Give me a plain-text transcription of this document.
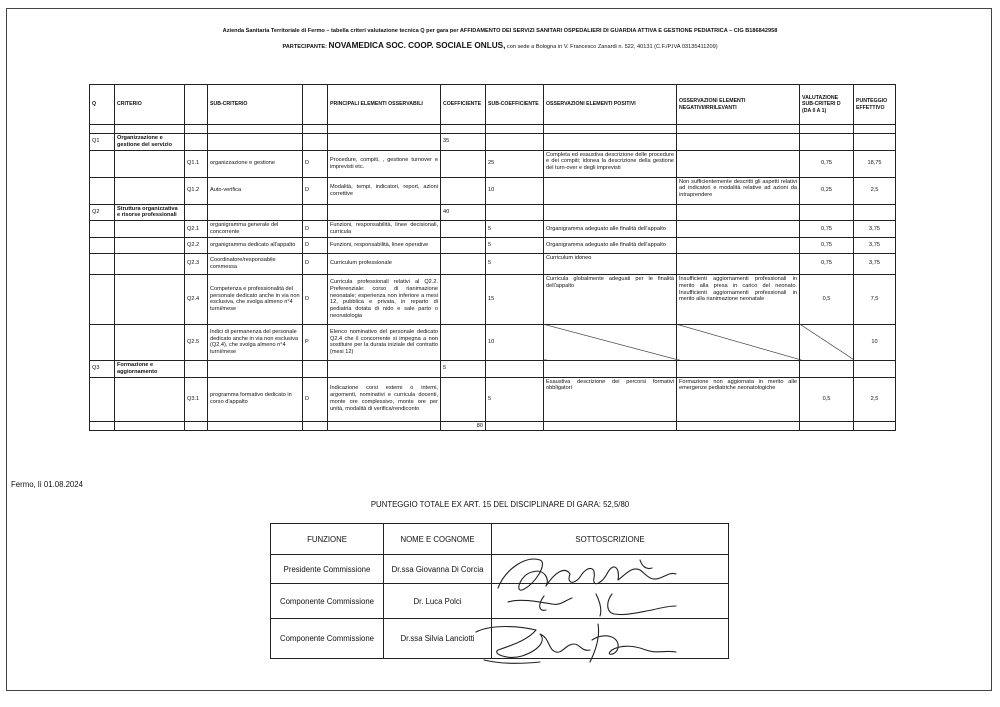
Azienda Sanitaria Territoriale di Fermo – tabella criteri valutazione tecnica Q per gara per AFFIDAMENTO DEI SERVIZI SANITARI OSPEDALIERI DI GUARDIA ATTIVA E GESTIONE PEDIATRICA – CIG B186842958
PARTECIPANTE: NOVAMEDICA SOC. COOP. SOCIALE ONLUS, con sede a Bologna in V. Francesco Zanardi n. 522, 40131 (C.F./P.IVA 03135411209)
Q	CRITERIO		SUB-CRITERIO		PRINCIPALI ELEMENTI OSSERVABILI	COEFFICIENTE	SUB-COEFFICIENTE	OSSERVAZIONI ELEMENTI POSITIVI	OSSERVAZIONI ELEMENTI NEGATIVI/IRRILEVANTI	VALUTAZIONE SUB-CRITERI D (DA 0 A 1)	PUNTEGGIO EFFETTIVO

Q1	Organizzazione e gestione del servizio					35					
		Q1.1	organizzazione e gestione	D	Procedure, compiti, , gestione turnover e imprevisti etc.		25	Completa ed esaustiva descrizione delle procedure e dei compiti; idonea la descrizione della gestione del turn-over e degli imprevisti		0,75	18,75
		Q1.2	Auto-verifica	D	Modalità, tempi, indicatori, report, azioni correttive		10		Non sufficientemente descritti gli aspetti relativi ad indicatori e modalità relative ad azioni da intraprendere	0,25	2,5
Q2	Struttura organizzativa e risorse professionali					40					
		Q2.1	organigramma generale del concorrente	D	Funzioni, responsabilità, linee decisionali, curricula		5	Organigramma adeguato alle finalità dell'appalto		0,75	3,75
		Q2.2	organigramma dedicato all'appalto	D	Funzioni, responsabilità, linee operative		5	Organigramma adeguato alle finalità dell'appalto		0,75	3,75
		Q2.3	Coordinatore/responsabile commessa	D	Curriculum professionale		5	Curriculum idoneo		0,75	3,75
		Q2.4	Competenza e professionalità del personale dedicato anche in via non esclusiva, che svolga almeno n°4 turni/mese	D	Curricula professionali relativi al Q2.2. Preferenziale: corso di rianimazione neonatale; esperienza non inferiore a mesi 12, pubblica e privata, in reparto di pediatria dotata di nido e sale parto o neonatologia		15	Curricula globalmente adeguati per le finalità dell'appalto	Insufficienti aggiornamenti professionali in merito alla presa in carico del neonato. Insufficienti aggiornamenti professionali in merito alla rianimazione neonatale	0,5	7,5
		Q2.5	Indici di permanenza del personale dedicato anche in via non esclusiva (Q2.4), che svolga almeno n°4 turni/mese	P	Elenco nominativo del personale dedicato Q2.4 che il concorrente si impegna a non sostituire per la durata iniziale del contratto (mesi 12)		10				10
Q3	Formazione e aggiornamento					5					
		Q3.1	programma formativo dedicato in corso d'appalto	D	Indicazione corsi esterni o interni, argomenti, nominativi e curricula docenti, monte ore complessivo, monte ore per unità, modalità di verifica/rendiconto		5	Esaustiva descrizione dei percorsi formativi obbligatori	Formazione non aggiornata in merito alle emergenze pediatriche neonatologiche	0,5	2,5
						80					
Fermo, lì 01.08.2024
PUNTEGGIO TOTALE EX ART. 15 DEL DISCIPLINARE DI GARA: 52,5/80
FUNZIONE	NOME E COGNOME	SOTTOSCRIZIONE
Presidente Commissione	Dr.ssa Giovanna Di Corcia	
Componente Commissione	Dr. Luca Polci	
Componente Commissione	Dr.ssa Silvia Lanciotti	
